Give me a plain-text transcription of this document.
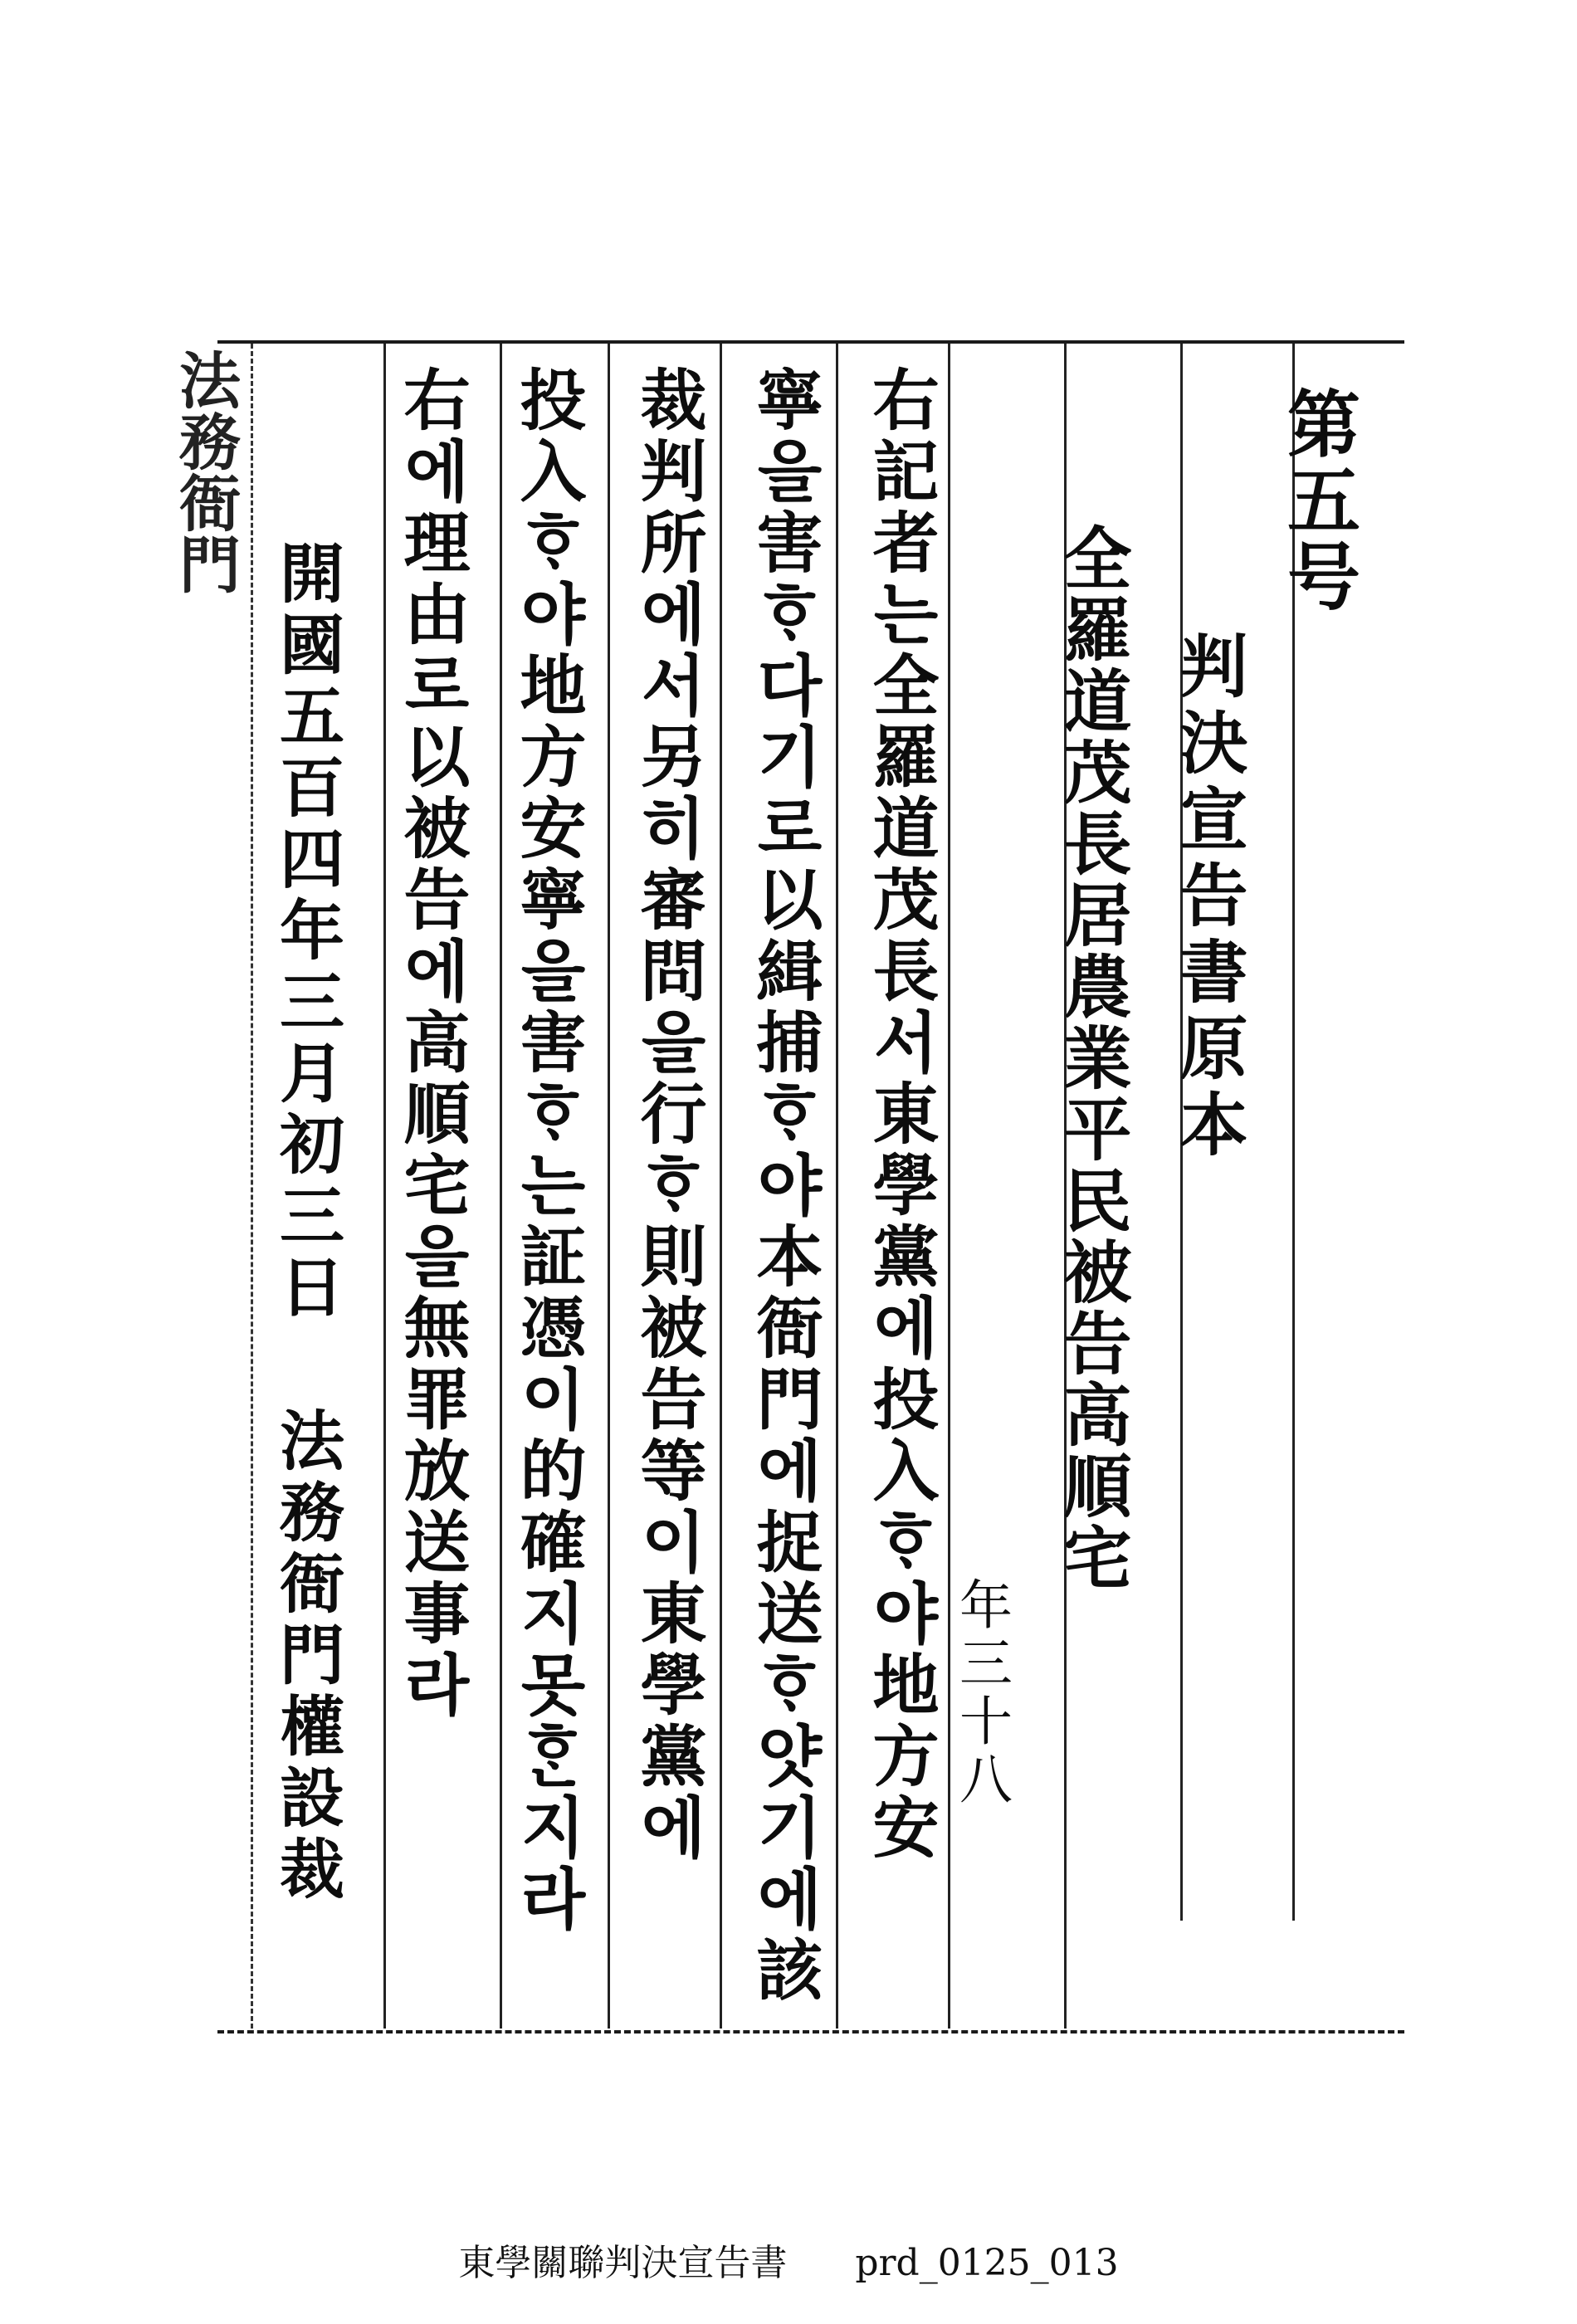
法務衙門	第五号
判決宣告書原本
全羅道茂長居農業平民被告高順宅
年三十八
右記者는全羅道茂長서東學黨에投入ᄒᆞ야地方安
寧을害ᄒᆞ다기로以緝捕ᄒᆞ야本衙門에捉送ᄒᆞ얏기에該
裁判所에서另히審問을行ᄒᆞ則被告等이東學黨에
投入ᄒᆞ야地方安寧을害ᄒᆞ는証憑이的確지못ᄒᆞᆫ지라
右에理由로以被告에高順宅을無罪放送事라
開國五百四年三月初三日 法務衙門權設裁
東學關聯判決宣告書 prd_0125_013
